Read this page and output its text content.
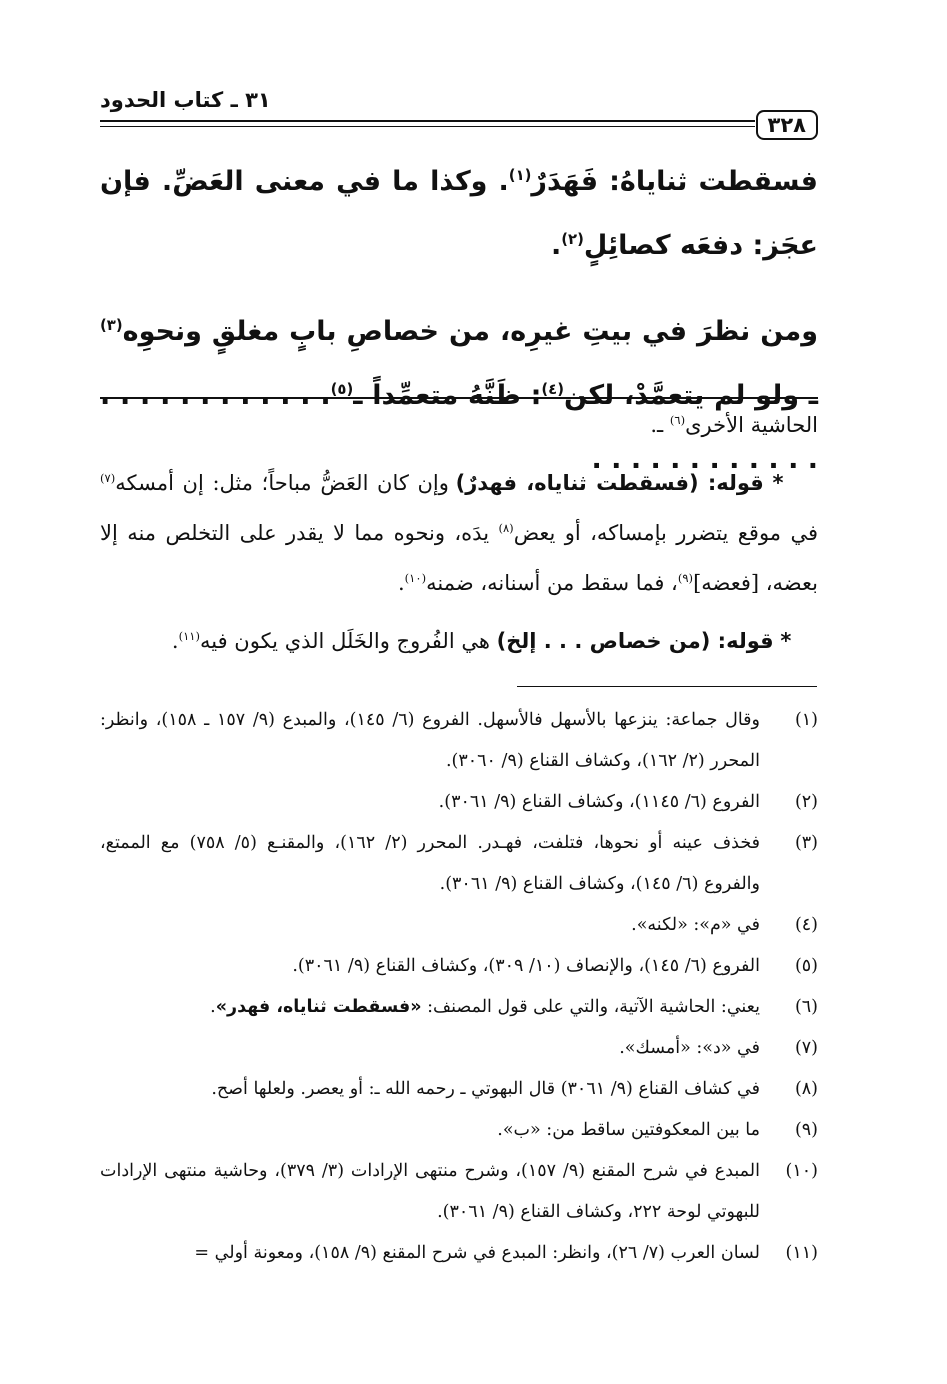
٣٢٨
٣١ ـ كتاب الحدود

فسقطت ثناياهُ: فَهَدَرٌ$^{(١)}$. وكذا ما في معنى العَضِّ. فإن عجَز: دفعَه كصائِلٍ$^{(٢)}$.

ومن نظرَ في بيتِ غيرِه، من خصاصِ بابٍ مغلقٍ ونحوِه$^{(٣)}$ ـ ولو لم يتعمَّدْ، لكن$^{(٤)}$: ظَنَّهُ متعمِّداً ـ$^{(٥)}$. . . . . . . . . . . . . . . . . . . . . . . .

الحاشية الأخرى$^{(٦)}$ ـ.

* قوله: (فسقطت ثناياه، فهدرٌ) وإن كان العَضُّ مباحاً؛ مثل: إن أمسكه$^{(٧)}$ في موقع يتضرر بإمساكه، أو يعض$^{(٨)}$ يدَه، ونحوه مما لا يقدر على التخلص منه إلا بعضه، [فعضه]$^{(٩)}$، فما سقط من أسنانه، ضمنه$^{(١٠)}$.

* قوله: (من خصاص . . . إلخ) هي الفُروج والخَلَل الذي يكون فيه$^{(١١)}$.

(١)
وقال جماعة: ينزعها بالأسهل فالأسهل. الفروع (٦/ ١٤٥)، والمبدع (٩/ ١٥٧ ـ ١٥٨)، وانظر: المحرر (٢/ ١٦٢)، وكشاف القناع (٩/ ٣٠٦٠).
(٢)
الفروع (٦/ ١١٤٥)، وكشاف القناع (٩/ ٣٠٦١).
(٣)
فخذف عينه أو نحوها، فتلفت، فهـدر. المحرر (٢/ ١٦٢)، والمقنـع (٥/ ٧٥٨) مع الممتع، والفروع (٦/ ١٤٥)، وكشاف القناع (٩/ ٣٠٦١).
(٤)
في «م»: «لكنه».
(٥)
الفروع (٦/ ١٤٥)، والإنصاف (١٠/ ٣٠٩)، وكشاف القناع (٩/ ٣٠٦١).
(٦)
يعني: الحاشية الآتية، والتي على قول المصنف: «فسقطت ثناياه، فهدر».
(٧)
في «د»: «أمسك».
(٨)
في كشاف القناع (٩/ ٣٠٦١) قال البهوتي ـ رحمه الله ـ: أو يعصر. ولعلها أصح.
(٩)
ما بين المعكوفتين ساقط من: «ب».
(١٠)
المبدع في شرح المقنع (٩/ ١٥٧)، وشرح منتهى الإرادات (٣/ ٣٧٩)، وحاشية منتهى الإرادات للبهوتي لوحة ٢٢٢، وكشاف القناع (٩/ ٣٠٦١).
(١١)
لسان العرب (٧/ ٢٦)، وانظر: المبدع في شرح المقنع (٩/ ١٥٨)، ومعونة أولي =
